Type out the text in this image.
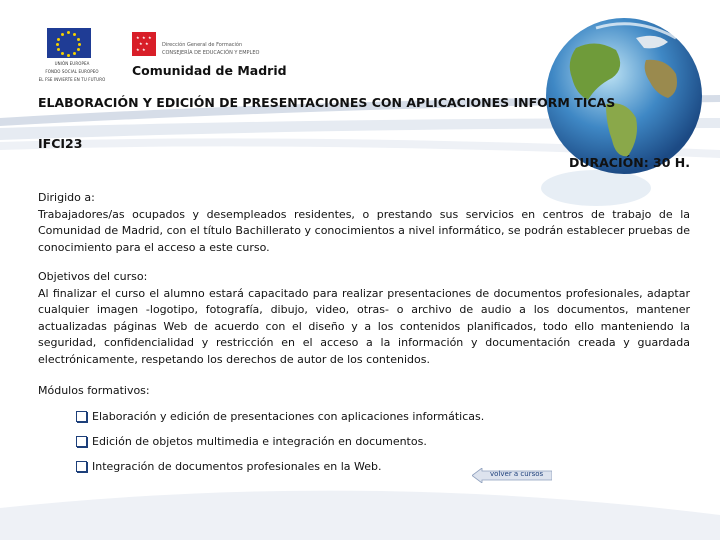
UNIÓN EUROPEA
FONDO SOCIAL EUROPEO
EL FSE INVIERTE EN TU FUTURO
★ ★ ★
★ ★
★ ★
Dirección General de Formación
CONSEJERÍA DE EDUCACIÓN Y EMPLEO
Comunidad de Madrid
ELABORACIÓN Y EDICIÓN DE PRESENTACIONES CON APLICACIONES INFORM TICAS
IFCI23
DURACIÓN: 30 H.

Dirigido a:

Trabajadores/as ocupados y desempleados residentes, o prestando sus servicios en centros de trabajo de la Comunidad de Madrid, con el título Bachillerato y conocimientos a nivel informático, se podrán establecer pruebas de conocimiento para el acceso a este curso.

Objetivos del curso:

Al finalizar el curso el alumno estará capacitado para realizar presentaciones de documentos profesionales, adaptar cualquier imagen -logotipo, fotografía, dibujo, video, otras- o archivo de audio a los documentos, mantener actualizadas páginas Web de acuerdo con el diseño y a los contenidos planificados, todo ello manteniendo la seguridad, confidencialidad y restricción en el acceso a la información y documentación creada y guardada electrónicamente, respetando los derechos de autor de los contenidos.

Módulos formativos:

Elaboración y edición de presentaciones con aplicaciones informáticas.
Edición de objetos multimedia e integración en documentos.
Integración de documentos profesionales en la Web.
volver a cursos
